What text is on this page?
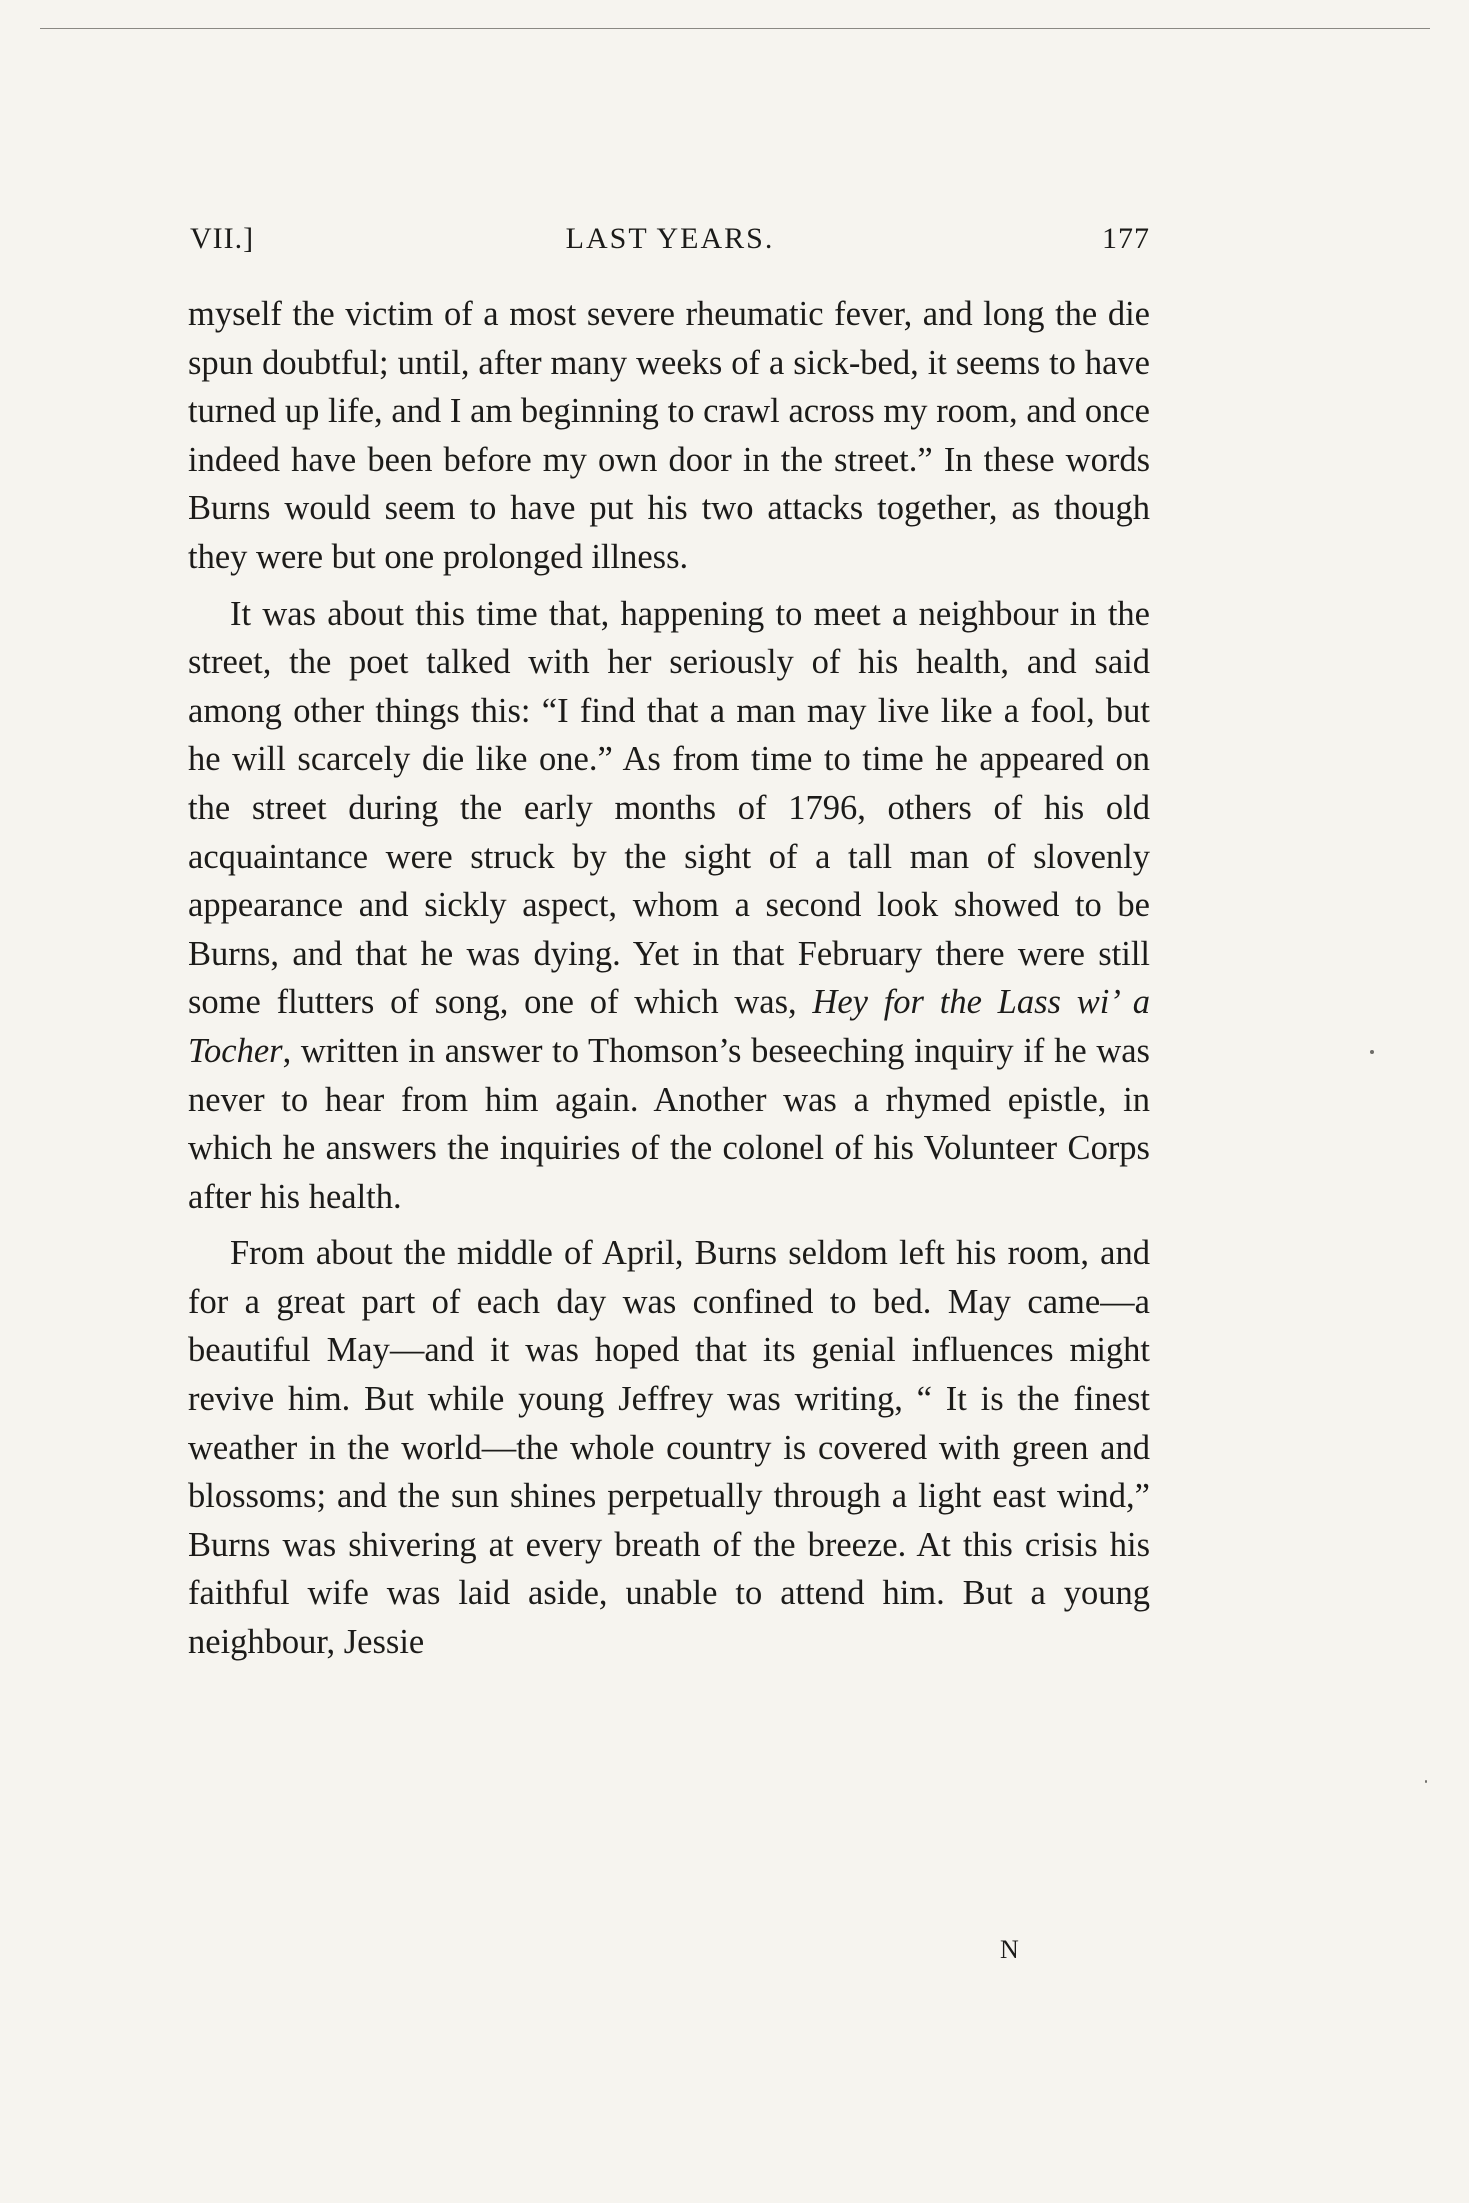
VII.]	LAST YEARS.	177

myself the victim of a most severe rheumatic fever, and long the die spun doubtful; until, after many weeks of a sick-bed, it seems to have turned up life, and I am beginning to crawl across my room, and once indeed have been before my own door in the street.” In these words Burns would seem to have put his two attacks together, as though they were but one prolonged illness.

It was about this time that, happening to meet a neighbour in the street, the poet talked with her seriously of his health, and said among other things this: “I find that a man may live like a fool, but he will scarcely die like one.” As from time to time he appeared on the street during the early months of 1796, others of his old acquaintance were struck by the sight of a tall man of slovenly appearance and sickly aspect, whom a second look showed to be Burns, and that he was dying. Yet in that February there were still some flutters of song, one of which was, Hey for the Lass wi’ a Tocher, written in answer to Thomson’s beseeching inquiry if he was never to hear from him again. Another was a rhymed epistle, in which he answers the inquiries of the colonel of his Volunteer Corps after his health.

From about the middle of April, Burns seldom left his room, and for a great part of each day was confined to bed. May came—a beautiful May—and it was hoped that its genial influences might revive him. But while young Jeffrey was writing, “ It is the finest weather in the world—the whole country is covered with green and blossoms; and the sun shines perpetually through a light east wind,” Burns was shivering at every breath of the breeze. At this crisis his faithful wife was laid aside, unable to attend him. But a young neighbour, Jessie

N
